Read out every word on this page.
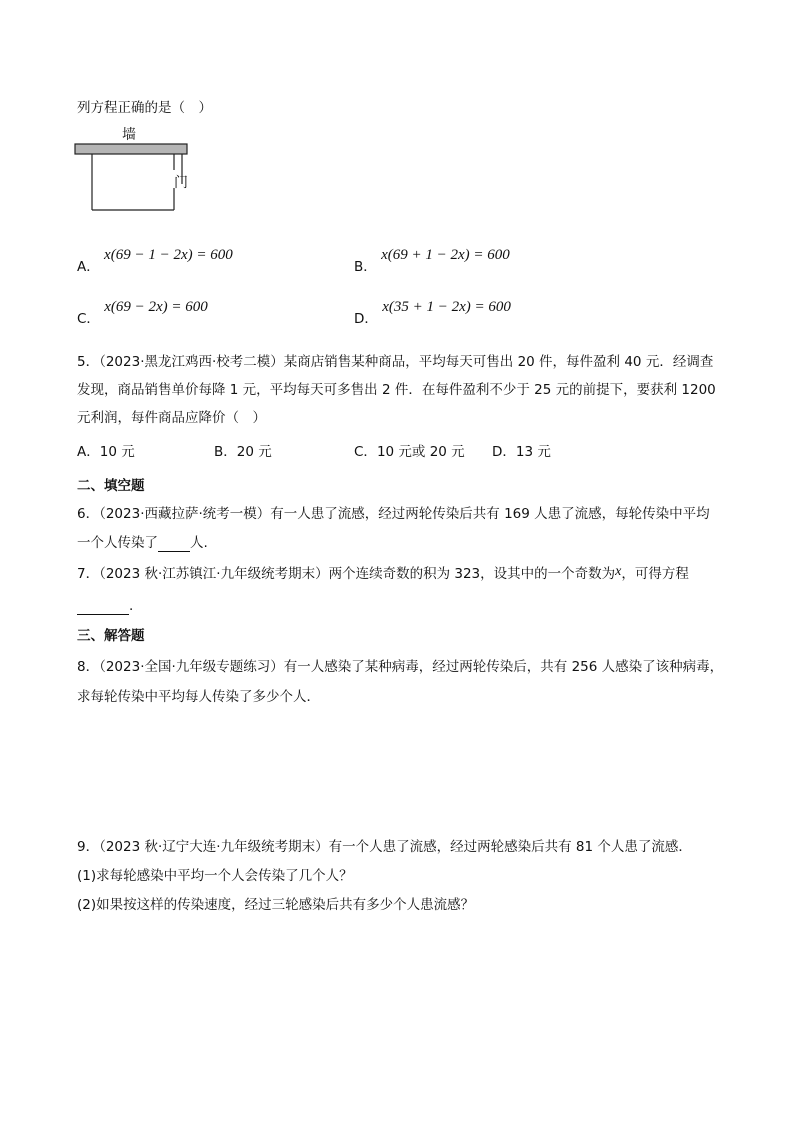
列方程正确的是（　）
墙
门
A． x(69 − 1 − 2x) = 600
B． x(69 + 1 − 2x) = 600
C． x(69 − 2x) = 600
D． x(35 + 1 − 2x) = 600
5．（2023·黑龙江鸡西·校考二模）某商店销售某种商品，平均每天可售出 20 件，每件盈利 40 元．经调查
发现，商品销售单价每降 1 元，平均每天可多售出 2 件．在每件盈利不少于 25 元的前提下，要获利 1200
元利润，每件商品应降价（　）
A．10 元	B．20 元	C．10 元或 20 元 D．13 元
二、填空题
6．（2023·西藏拉萨·统考一模）有一人患了流感，经过两轮传染后共有 169 人患了流感，每轮传染中平均
一个人传染了 人.
7．（2023 秋·江苏镇江·九年级统考期末）两个连续奇数的积为 323，设其中的一个奇数为x，可得方程
.
三、解答题
8．（2023·全国·九年级专题练习）有一人感染了某种病毒，经过两轮传染后，共有 256 人感染了该种病毒，
求每轮传染中平均每人传染了多少个人．
9．（2023 秋·辽宁大连·九年级统考期末）有一个人患了流感，经过两轮感染后共有 81 个人患了流感．
(1)求每轮感染中平均一个人会传染了几个人？
(2)如果按这样的传染速度，经过三轮感染后共有多少个人患流感？
